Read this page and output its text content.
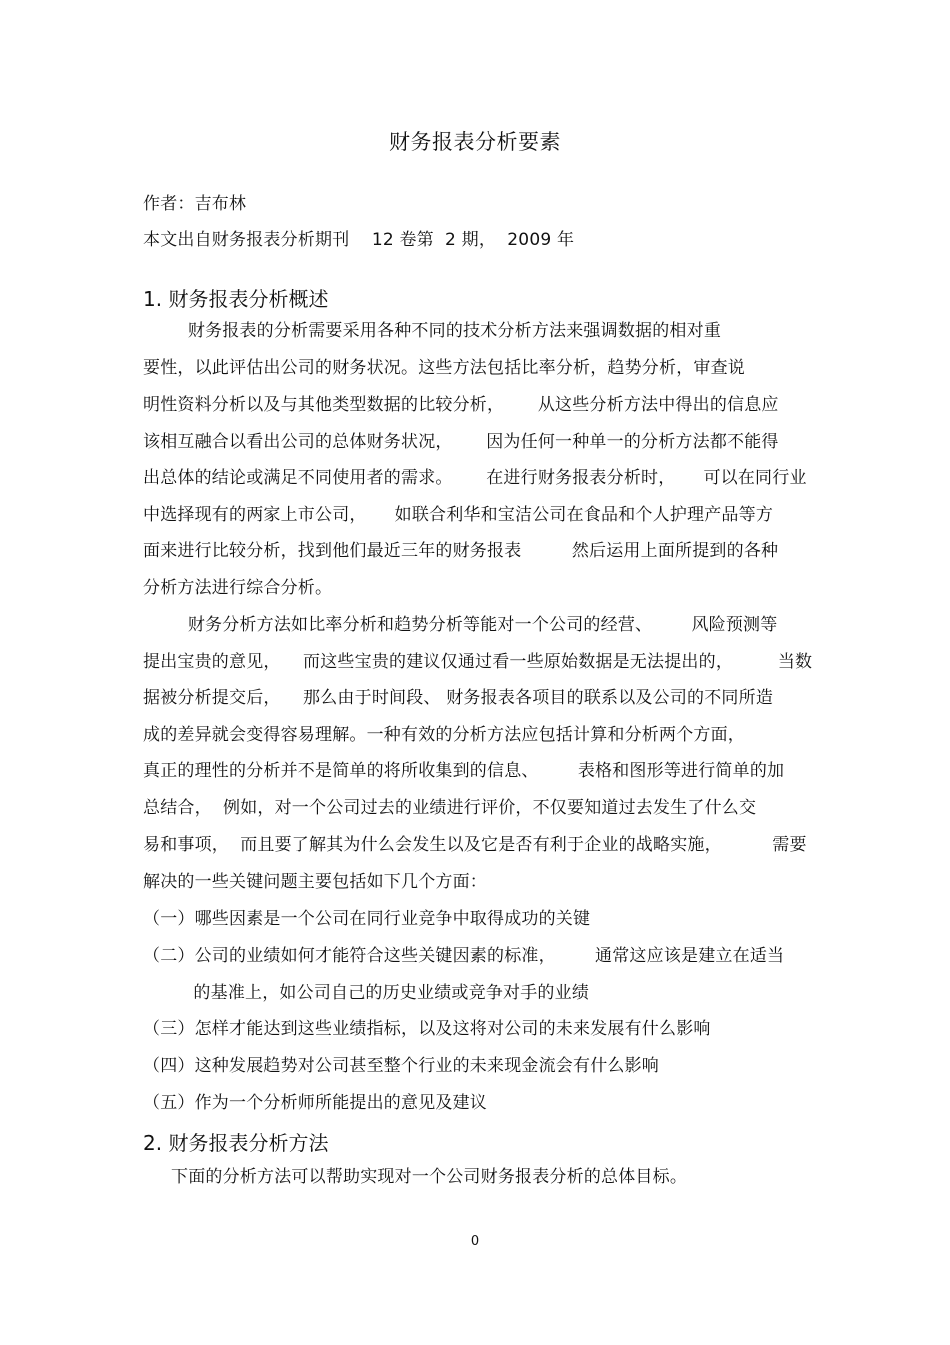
财务报表分析要素
作者：吉布林
本文出自财务报表分析期刊    12 卷第  2 期，  2009 年
1. 财务报表分析概述
财务报表的分析需要采用各种不同的技术分析方法来强调数据的相对重
要性，以此评估出公司的财务状况。这些方法包括比率分析，趋势分析，审查说
明性资料分析以及与其他类型数据的比较分析，      从这些分析方法中得出的信息应
该相互融合以看出公司的总体财务状况，      因为任何一种单一的分析方法都不能得
出总体的结论或满足不同使用者的需求。      在进行财务报表分析时，     可以在同行业
中选择现有的两家上市公司，     如联合利华和宝洁公司在食品和个人护理产品等方
面来进行比较分析，找到他们最近三年的财务报表         然后运用上面所提到的各种
分析方法进行综合分析。
财务分析方法如比率分析和趋势分析等能对一个公司的经营、       风险预测等
提出宝贵的意见，    而这些宝贵的建议仅通过看一些原始数据是无法提出的，        当数
据被分析提交后，    那么由于时间段、 财务报表各项目的联系以及公司的不同所造
成的差异就会变得容易理解。一种有效的分析方法应包括计算和分析两个方面，
真正的理性的分析并不是简单的将所收集到的信息、       表格和图形等进行简单的加
总结合，  例如，对一个公司过去的业绩进行评价，不仅要知道过去发生了什么交
易和事项，  而且要了解其为什么会发生以及它是否有利于企业的战略实施，         需要
解决的一些关键问题主要包括如下几个方面：
（一）哪些因素是一个公司在同行业竞争中取得成功的关键
（二）公司的业绩如何才能符合这些关键因素的标准，       通常这应该是建立在适当
的基准上，如公司自己的历史业绩或竞争对手的业绩
（三）怎样才能达到这些业绩指标，以及这将对公司的未来发展有什么影响
（四）这种发展趋势对公司甚至整个行业的未来现金流会有什么影响
（五）作为一个分析师所能提出的意见及建议
2. 财务报表分析方法
下面的分析方法可以帮助实现对一个公司财务报表分析的总体目标。
0
